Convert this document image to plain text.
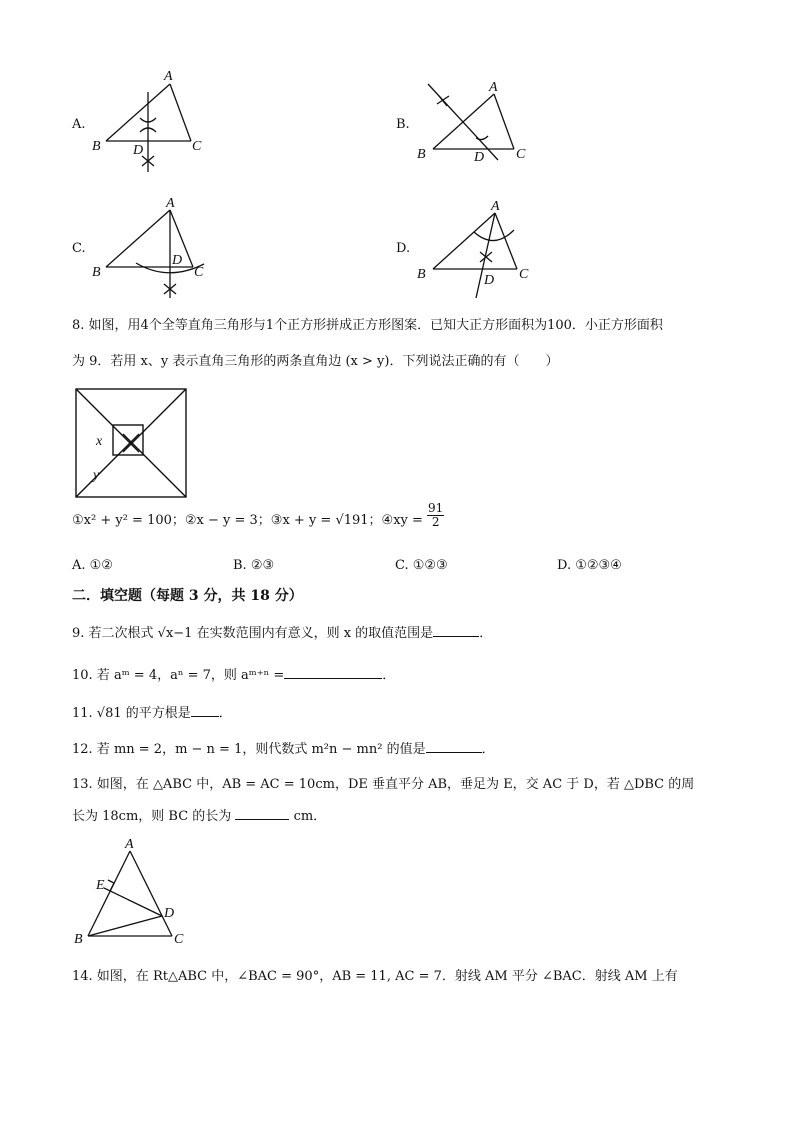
A.
A
B D	C
B.
A
B	D C
C.
A
B
D
C
D.
A
B	D C
8. 如图，用4个全等直角三角形与1个正方形拼成正方形图案．已知大正方形面积为100．小正方形面积
为 9．若用 x、y 表示直角三角形的两条直角边 (x > y)．下列说法正确的有（　　）
x
y
①x² + y² = 100；②x − y = 3；③x + y = √191；④xy = $\frac{91}{2}$
A. ①②	B. ②③	C. ①②③	D. ①②③④
二．填空题（每题 3 分，共 18 分）
9. 若二次根式 √x−1 在实数范围内有意义，则 x 的取值范围是	．
10. 若 aᵐ = 4，aⁿ = 7，则 aᵐ⁺ⁿ =	．
11. √81 的平方根是 ．
12. 若 mn = 2，m − n = 1，则代数式 m²n − mn² 的值是	．
13. 如图，在 △ABC 中，AB = AC = 10cm，DE 垂直平分 AB，垂足为 E，交 AC 于 D，若 △DBC 的周
长为 18cm，则 BC 的长为	cm．
A
E
D
B	C
14. 如图，在 Rt△ABC 中，∠BAC = 90°，AB = 11, AC = 7．射线 AM 平分 ∠BAC．射线 AM 上有
